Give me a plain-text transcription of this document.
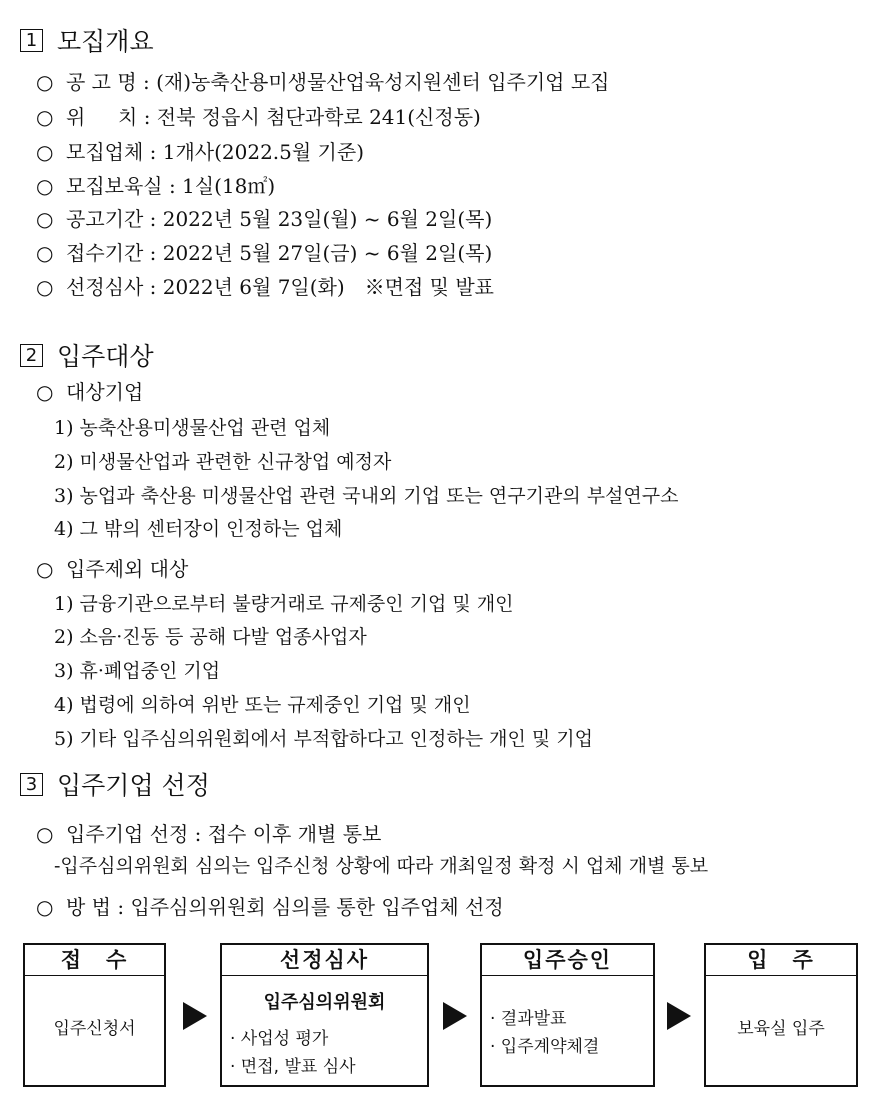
1 모집개요
○ 공 고 명 : (재)농축산용미생물산업육성지원센터 입주기업 모집
○ 위 　 치 : 전북 정읍시 첨단과학로 241(신정동)
○ 모집업체 : 1개사(2022.5월 기준)
○ 모집보육실 : 1실(18㎡)
○ 공고기간 : 2022년 5월 23일(월) ~ 6월 2일(목)
○ 접수기간 : 2022년 5월 27일(금) ~ 6월 2일(목)
○ 선정심사 : 2022년 6월 7일(화)　※면접 및 발표
2 입주대상
○ 대상기업
1) 농축산용미생물산업 관련 업체
2) 미생물산업과 관련한 신규창업 예정자
3) 농업과 축산용 미생물산업 관련 국내외 기업 또는 연구기관의 부설연구소
4) 그 밖의 센터장이 인정하는 업체
○ 입주제외 대상
1) 금융기관으로부터 불량거래로 규제중인 기업 및 개인
2) 소음·진동 등 공해 다발 업종사업자
3) 휴·폐업중인 기업
4) 법령에 의하여 위반 또는 규제중인 기업 및 개인
5) 기타 입주심의위원회에서 부적합하다고 인정하는 개인 및 기업
3 입주기업 선정
○ 입주기업 선정 : 접수 이후 개별 통보
-입주심의위원회 심의는 입주신청 상황에 따라 개최일정 확정 시 업체 개별 통보
○ 방 법 : 입주심의위원회 심의를 통한 입주업체 선정
접　수
입주신청서
선정심사
입주심의위원회
· 사업성 평가
· 면접, 발표 심사
입주승인
· 결과발표
· 입주계약체결
입　주
보육실 입주
